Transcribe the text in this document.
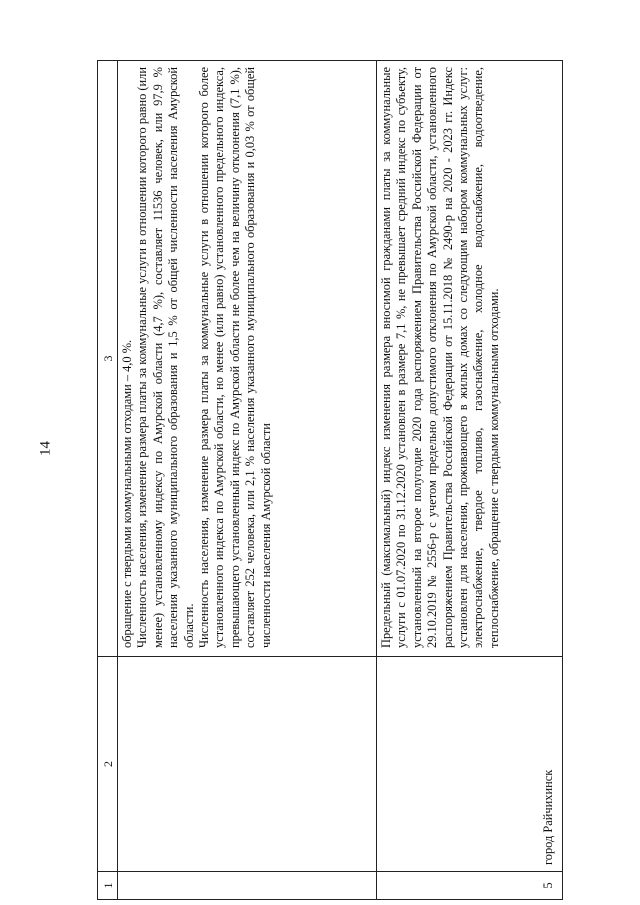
14
1
2
3 обращение с твердыми коммунальными отходами – 4,0 %. Численность населения, изменение размера платы за коммунальные услуги в отношении которого равно (или менее) установленному индексу по Амурской области (4,7 %), составляет 11536 человек, или 97,9 % населения указанного муниципального образования и 1,5 % от общей численности населения Амурской области. Численность населения, изменение размера платы за коммунальные услуги в отношении которого более установленного индекса по Амурской области, но менее (или равно) установленного предельного индекса, превышающего установленный индекс по Амурской области не более чем на величину отклонения (7,1 %), составляет 252 человека, или 2,1 % населения указанного муниципального образования и 0,03 % от общей численности населения Амурской области

5
город Райчихинск

Предельный (максимальный) индекс изменения размера вносимой гражданами платы за коммунальные услуги с 01.07.2020 по 31.12.2020 установлен в размере 7,1 %, не превышает средний индекс по субъекту, установленный на второе полугодие 2020 года распоряжением Правительства Российской Федерации от 29.10.2019 № 2556-р с учетом предельно допустимого отклонения по Амурской области, установленного распоряжением Правительства Российской Федерации от 15.11.2018 № 2490-р на 2020 - 2023 гг. Индекс установлен для населения, проживающего в жилых домах со следующим набором коммунальных услуг: электроснабжение, твердое топливо, газоснабжение, холодное водоснабжение, водоотведение, теплоснабжение, обращение с твердыми коммунальными отходами.
